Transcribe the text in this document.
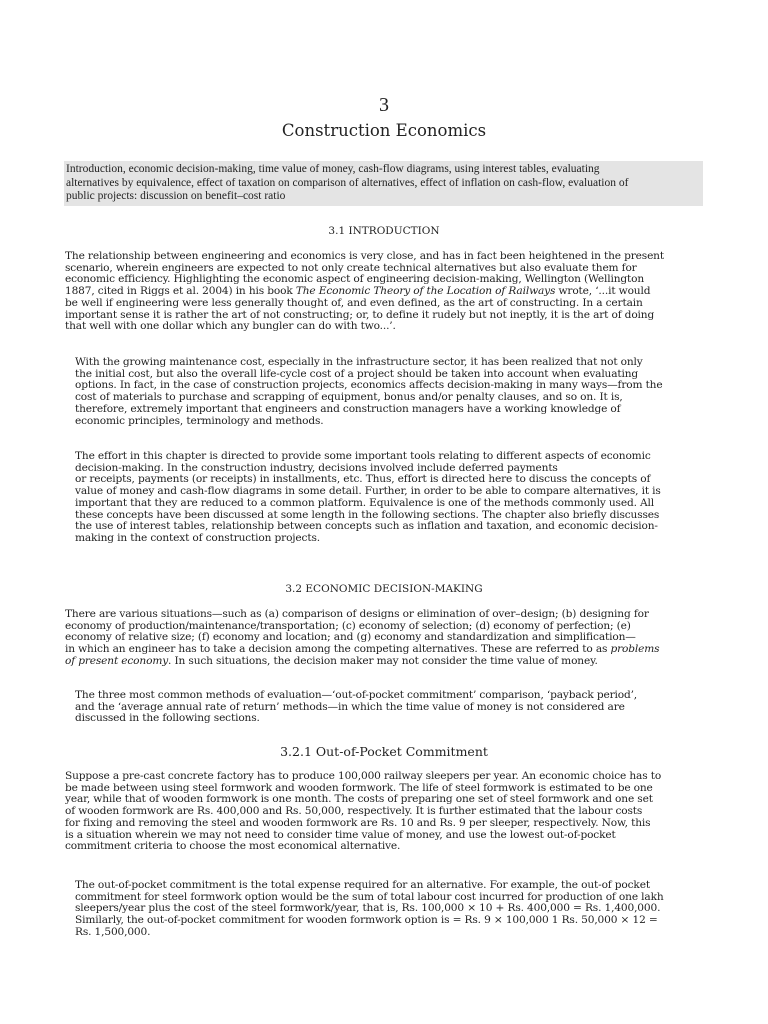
3
Construction Economics
Introduction, economic decision-making, time value of money, cash-flow diagrams, using interest tables, evaluating
alternatives by equivalence, effect of taxation on comparison of alternatives, effect of inflation on cash-flow, evaluation of
public projects: discussion on benefit–cost ratio
3.1 INTRODUCTION
The relationship between engineering and economics is very close, and has in fact been heightened in the present
scenario, wherein engineers are expected to not only create technical alternatives but also evaluate them for
economic efficiency. Highlighting the economic aspect of engineering decision-making, Wellington (Wellington
1887, cited in Riggs et al. 2004) in his book The Economic Theory of the Location of Railways wrote, ‘...it would
be well if engineering were less generally thought of, and even defined, as the art of constructing. In a certain
important sense it is rather the art of not constructing; or, to define it rudely but not ineptly, it is the art of doing
that well with one dollar which any bungler can do with two...’.
With the growing maintenance cost, especially in the infrastructure sector, it has been realized that not only
the initial cost, but also the overall life-cycle cost of a project should be taken into account when evaluating
options. In fact, in the case of construction projects, economics affects decision-making in many ways—from the
cost of materials to purchase and scrapping of equipment, bonus and/or penalty clauses, and so on. It is,
therefore, extremely important that engineers and construction managers have a working knowledge of
economic principles, terminology and methods.
The effort in this chapter is directed to provide some important tools relating to different aspects of economic
decision-making. In the construction industry, decisions involved include deferred payments
or receipts, payments (or receipts) in installments, etc. Thus, effort is directed here to discuss the concepts of
value of money and cash-flow diagrams in some detail. Further, in order to be able to compare alternatives, it is
important that they are reduced to a common platform. Equivalence is one of the methods commonly used. All
these concepts have been discussed at some length in the following sections. The chapter also briefly discusses
the use of interest tables, relationship between concepts such as inflation and taxation, and economic decision-
making in the context of construction projects.
3.2 ECONOMIC DECISION-MAKING
There are various situations—such as (a) comparison of designs or elimination of over–design; (b) designing for
economy of production/maintenance/transportation; (c) economy of selection; (d) economy of perfection; (e)
economy of relative size; (f) economy and location; and (g) economy and standardization and simplification—
in which an engineer has to take a decision among the competing alternatives. These are referred to as problems
of present economy. In such situations, the decision maker may not consider the time value of money.
The three most common methods of evaluation—‘out-of-pocket commitment’ comparison, ‘payback period’,
and the ‘average annual rate of return’ methods—in which the time value of money is not considered are
discussed in the following sections.
3.2.1 Out-of-Pocket Commitment
Suppose a pre-cast concrete factory has to produce 100,000 railway sleepers per year. An economic choice has to
be made between using steel formwork and wooden formwork. The life of steel formwork is estimated to be one
year, while that of wooden formwork is one month. The costs of preparing one set of steel formwork and one set
of wooden formwork are Rs. 400,000 and Rs. 50,000, respectively. It is further estimated that the labour costs
for fixing and removing the steel and wooden formwork are Rs. 10 and Rs. 9 per sleeper, respectively. Now, this
is a situation wherein we may not need to consider time value of money, and use the lowest out-of-pocket
commitment criteria to choose the most economical alternative.
The out-of-pocket commitment is the total expense required for an alternative. For example, the out-of pocket
commitment for steel formwork option would be the sum of total labour cost incurred for production of one lakh
sleepers/year plus the cost of the steel formwork/year, that is, Rs. 100,000 × 10 + Rs. 400,000 = Rs. 1,400,000.
Similarly, the out-of-pocket commitment for wooden formwork option is = Rs. 9 × 100,000 1 Rs. 50,000 × 12 =
Rs. 1,500,000.
